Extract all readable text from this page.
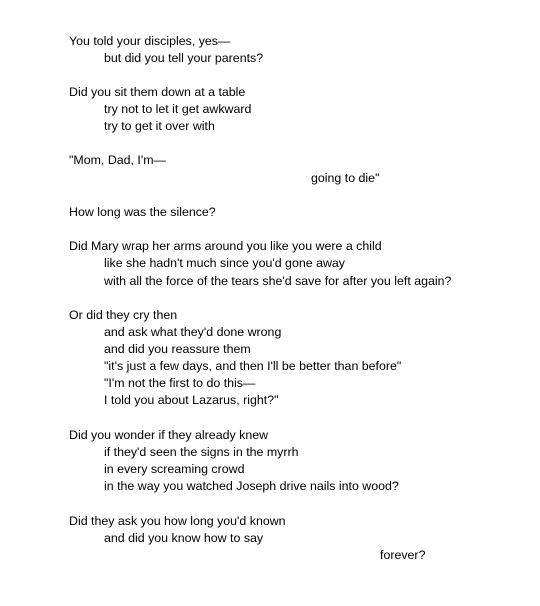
You told your disciples, yes—
but did you tell your parents?
Did you sit them down at a table
try not to let it get awkward
try to get it over with
"Mom, Dad, I'm—
going to die"
How long was the silence?
Did Mary wrap her arms around you like you were a child
like she hadn't much since you'd gone away
with all the force of the tears she'd save for after you left again?
Or did they cry then
and ask what they'd done wrong
and did you reassure them
"it's just a few days, and then I'll be better than before"
"I'm not the first to do this—
I told you about Lazarus, right?"
Did you wonder if they already knew
if they'd seen the signs in the myrrh
in every screaming crowd
in the way you watched Joseph drive nails into wood?
Did they ask you how long you'd known
and did you know how to say
forever?
